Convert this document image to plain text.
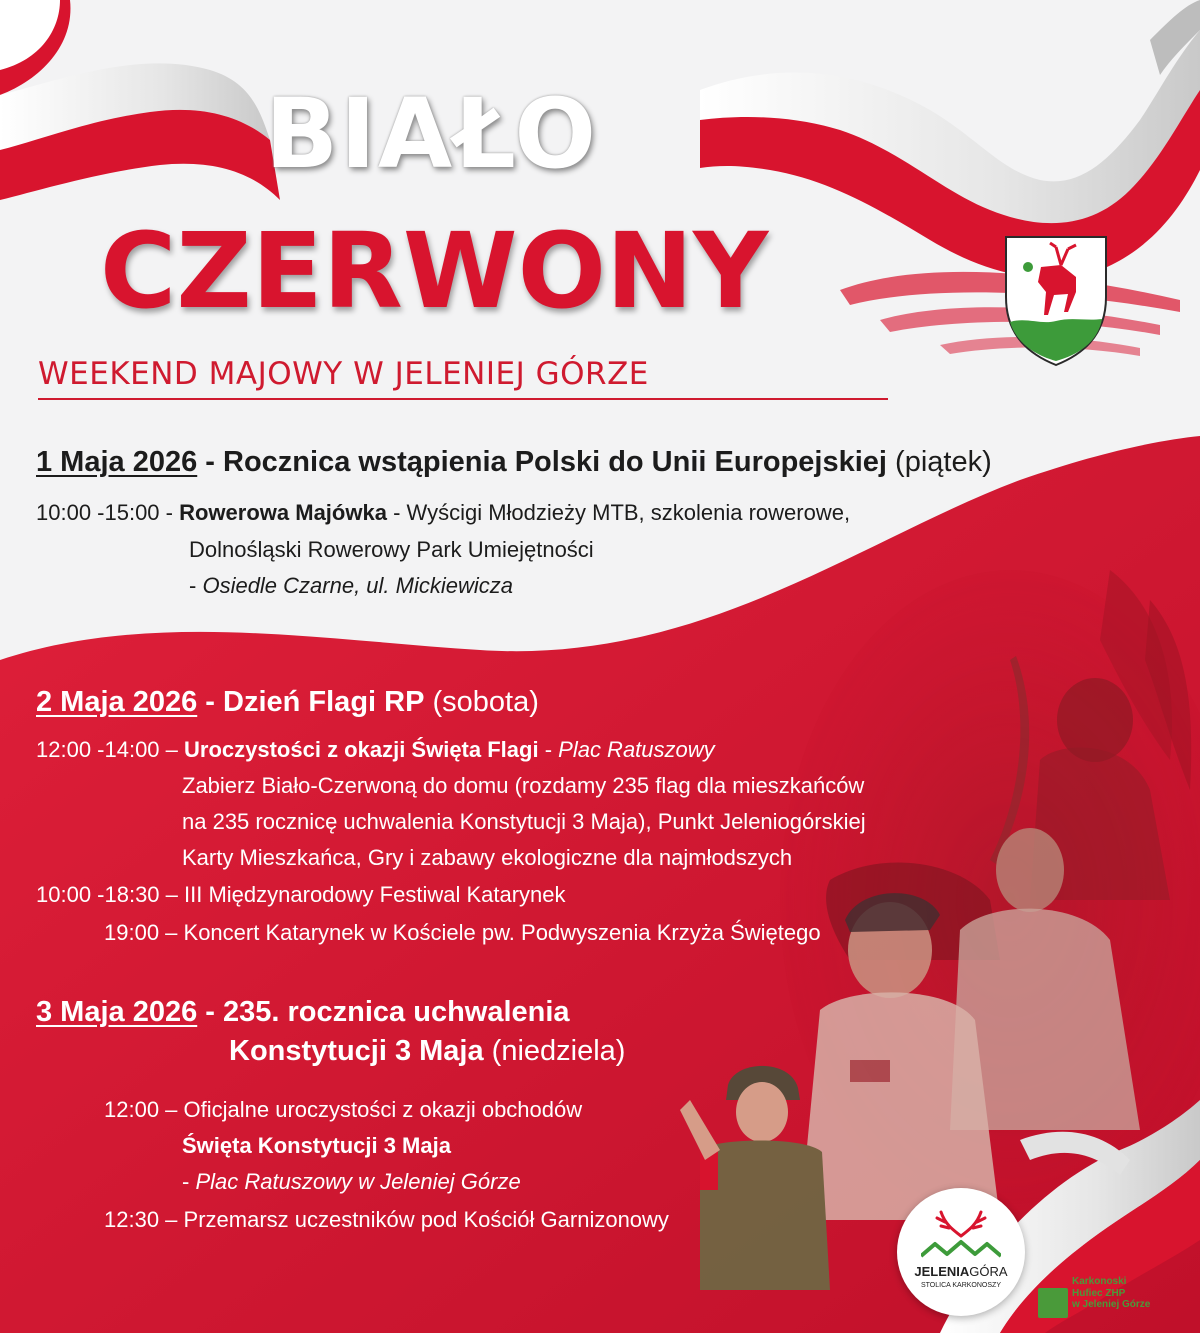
BIAŁO
CZERWONY
WEEKEND MAJOWY W JELENIEJ GÓRZE
1 Maja 2026 - Rocznica wstąpienia Polski do Unii Europejskiej (piątek)
10:00 -15:00 - Rowerowa Majówka - Wyścigi Młodzieży MTB, szkolenia rowerowe,
Dolnośląski Rowerowy Park Umiejętności
- Osiedle Czarne, ul. Mickiewicza
2 Maja 2026 - Dzień Flagi RP (sobota)
12:00 -14:00 – Uroczystości z okazji Święta Flagi - Plac Ratuszowy
Zabierz Biało-Czerwoną do domu (rozdamy 235 flag dla mieszkańców
na 235 rocznicę uchwalenia Konstytucji 3 Maja), Punkt Jeleniogórskiej
Karty Mieszkańca, Gry i zabawy ekologiczne dla najmłodszych
10:00 -18:30 – III Międzynarodowy Festiwal Katarynek
19:00 – Koncert Katarynek w Kościele pw. Podwyszenia Krzyża Świętego
3 Maja 2026 - 235. rocznica uchwalenia
Konstytucji 3 Maja (niedziela)
12:00 – Oficjalne uroczystości z okazji obchodów
Święta Konstytucji 3 Maja
- Plac Ratuszowy w Jeleniej Górze
12:30 – Przemarsz uczestników pod Kościół Garnizonowy
JELENIAGÓRA
STOLICA KARKONOSZY	Karkonoski
Hufiec ZHP
w Jeleniej Górze
